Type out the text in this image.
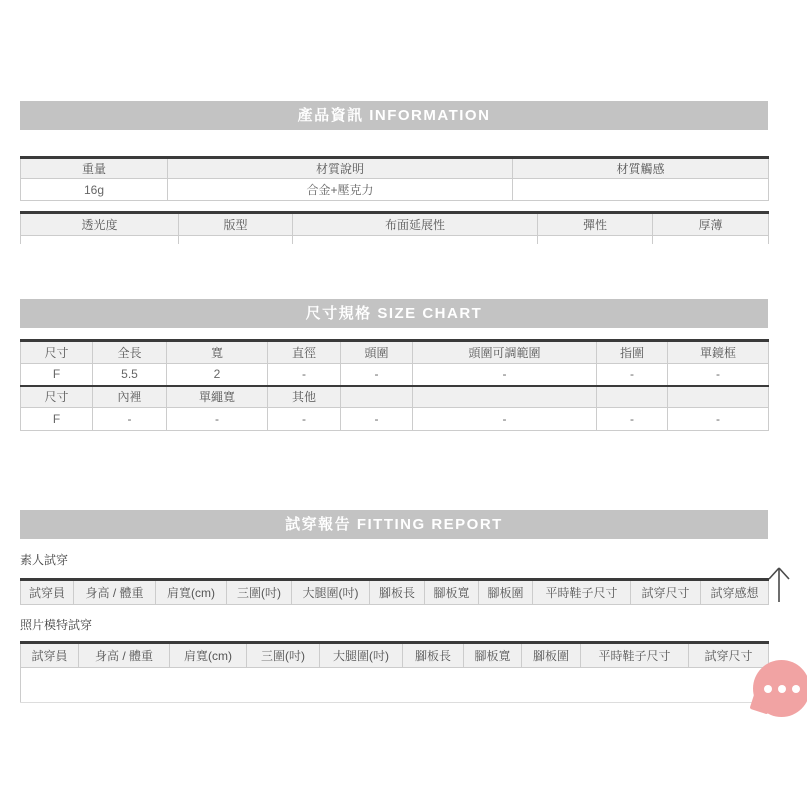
產品資訊 INFORMATION
重量	材質說明	材質觸感
16g	合金+壓克力	
透光度	版型	布面延展性	彈性	厚薄

尺寸規格 SIZE CHART
尺寸	全長	寬	直徑	頭圍	頭圍可調範圍	指圍	單鏡框
F	5.5	2	-	-	-	-	-
尺寸	內裡	單繩寬	其他				
F	-	-	-	-	-	-	-
試穿報告 FITTING REPORT
素人試穿
試穿員	身高 / 體重	肩寬(cm)	三圍(吋)	大腿圍(吋)	腳板長	腳板寬	腳板圍	平時鞋子尺寸	試穿尺寸	試穿感想
照片模特試穿
試穿員	身高 / 體重	肩寬(cm)	三圍(吋)	大腿圍(吋)	腳板長	腳板寬	腳板圍	平時鞋子尺寸	試穿尺寸
